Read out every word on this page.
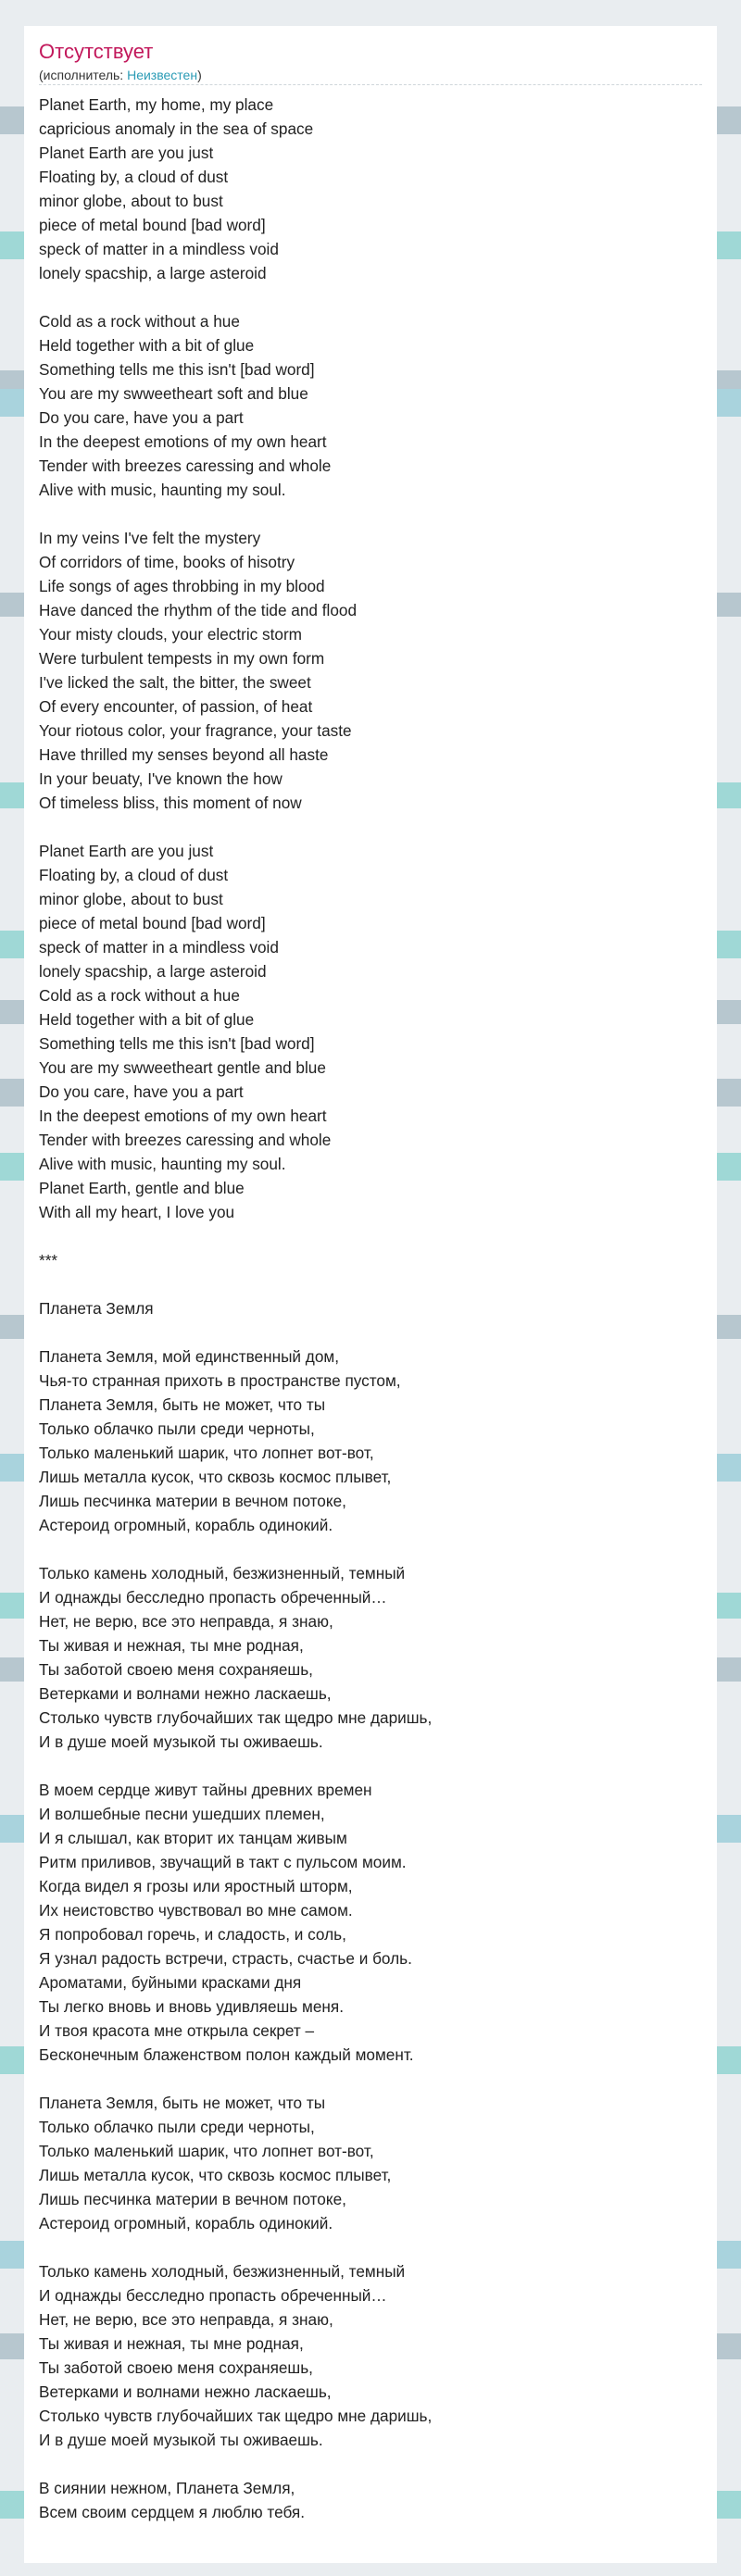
Отсутствует
(исполнитель: Неизвестен)
Planet Earth, my home, my place
capricious anomaly in the sea of space
Planet Earth are you just
Floating by, a cloud of dust
minor globe, about to bust
piece of metal bound [bad word]
speck of matter in a mindless void
lonely spacship, a large asteroid
Cold as a rock without a hue
Held together with a bit of glue
Something tells me this isn't [bad word]
You are my swweetheart soft and blue
Do you care, have you a part
In the deepest emotions of my own heart
Tender with breezes caressing and whole
Alive with music, haunting my soul.
In my veins I've felt the mystery
Of corridors of time, books of hisotry
Life songs of ages throbbing in my blood
Have danced the rhythm of the tide and flood
Your misty clouds, your electric storm
Were turbulent tempests in my own form
I've licked the salt, the bitter, the sweet
Of every encounter, of passion, of heat
Your riotous color, your fragrance, your taste
Have thrilled my senses beyond all haste
In your beuaty, I've known the how
Of timeless bliss, this moment of now
Planet Earth are you just
Floating by, a cloud of dust
minor globe, about to bust
piece of metal bound [bad word]
speck of matter in a mindless void
lonely spacship, a large asteroid
Cold as a rock without a hue
Held together with a bit of glue
Something tells me this isn't [bad word]
You are my swweetheart gentle and blue
Do you care, have you a part
In the deepest emotions of my own heart
Tender with breezes caressing and whole
Alive with music, haunting my soul.
Planet Earth, gentle and blue
With all my heart, I love you
***
Планета Земля
Планета Земля, мой единственный дом,
Чья-то странная прихоть в пространстве пустом,
Планета Земля, быть не может, что ты
Только облачко пыли среди черноты,
Только маленький шарик, что лопнет вот-вот,
Лишь металла кусок, что сквозь космос плывет,
Лишь песчинка материи в вечном потоке,
Астероид огромный, корабль одинокий.
Только камень холодный, безжизненный, темный
И однажды бесследно пропасть обреченный…
Нет, не верю, все это неправда, я знаю,
Ты живая и нежная, ты мне родная,
Ты заботой своею меня сохраняешь,
Ветерками и волнами нежно ласкаешь,
Столько чувств глубочайших так щедро мне даришь,
И в душе моей музыкой ты оживаешь.
В моем сердце живут тайны древних времен
И волшебные песни ушедших племен,
И я слышал, как вторит их танцам живым
Ритм приливов, звучащий в такт с пульсом моим.
Когда видел я грозы или яростный шторм,
Их неистовство чувствовал во мне самом.
Я попробовал горечь, и сладость, и соль,
Я узнал радость встречи, страсть, счастье и боль.
Ароматами, буйными красками дня
Ты легко вновь и вновь удивляешь меня.
И твоя красота мне открыла секрет –
Бесконечным блаженством полон каждый момент.
Планета Земля, быть не может, что ты
Только облачко пыли среди черноты,
Только маленький шарик, что лопнет вот-вот,
Лишь металла кусок, что сквозь космос плывет,
Лишь песчинка материи в вечном потоке,
Астероид огромный, корабль одинокий.
Только камень холодный, безжизненный, темный
И однажды бесследно пропасть обреченный…
Нет, не верю, все это неправда, я знаю,
Ты живая и нежная, ты мне родная,
Ты заботой своею меня сохраняешь,
Ветерками и волнами нежно ласкаешь,
Столько чувств глубочайших так щедро мне даришь,
И в душе моей музыкой ты оживаешь.
В сиянии нежном, Планета Земля,
Всем своим сердцем я люблю тебя.
